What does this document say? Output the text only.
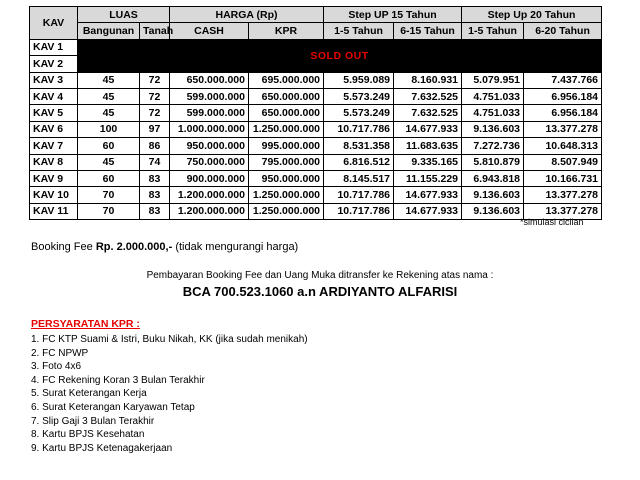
KAV	LUAS		HARGA (Rp)		Step UP 15 Tahun		Step Up 20 Tahun	
	Bangunan	Tanah	CASH	KPR	1-5 Tahun	6-15 Tahun	1-5 Tahun	6-20 Tahun
KAV 1	SOLD OUT							
KAV 2								
KAV 3	45	72	650.000.000	695.000.000	5.959.089	8.160.931	5.079.951	7.437.766
KAV 4	45	72	599.000.000	650.000.000	5.573.249	7.632.525	4.751.033	6.956.184
KAV 5	45	72	599.000.000	650.000.000	5.573.249	7.632.525	4.751.033	6.956.184
KAV 6	100	97	1.000.000.000	1.250.000.000	10.717.786	14.677.933	9.136.603	13.377.278
KAV 7	60	86	950.000.000	995.000.000	8.531.358	11.683.635	7.272.736	10.648.313
KAV 8	45	74	750.000.000	795.000.000	6.816.512	9.335.165	5.810.879	8.507.949
KAV 9	60	83	900.000.000	950.000.000	8.145.517	11.155.229	6.943.818	10.166.731
KAV 10	70	83	1.200.000.000	1.250.000.000	10.717.786	14.677.933	9.136.603	13.377.278
KAV 11	70	83	1.200.000.000	1.250.000.000	10.717.786	14.677.933	9.136.603	13.377.278
*simulasi cicilan
Booking Fee Rp. 2.000.000,- (tidak mengurangi harga)
Pembayaran Booking Fee dan Uang Muka ditransfer ke Rekening atas nama :
BCA 700.523.1060 a.n ARDIYANTO ALFARISI
PERSYARATAN KPR :
1. FC KTP Suami & Istri, Buku Nikah, KK (jika sudah menikah)
2. FC NPWP
3. Foto 4x6
4. FC Rekening Koran 3 Bulan Terakhir
5. Surat Keterangan Kerja
6. Surat Keterangan Karyawan Tetap
7. Slip Gaji 3 Bulan Terakhir
8. Kartu BPJS Kesehatan
9. Kartu BPJS Ketenagakerjaan
